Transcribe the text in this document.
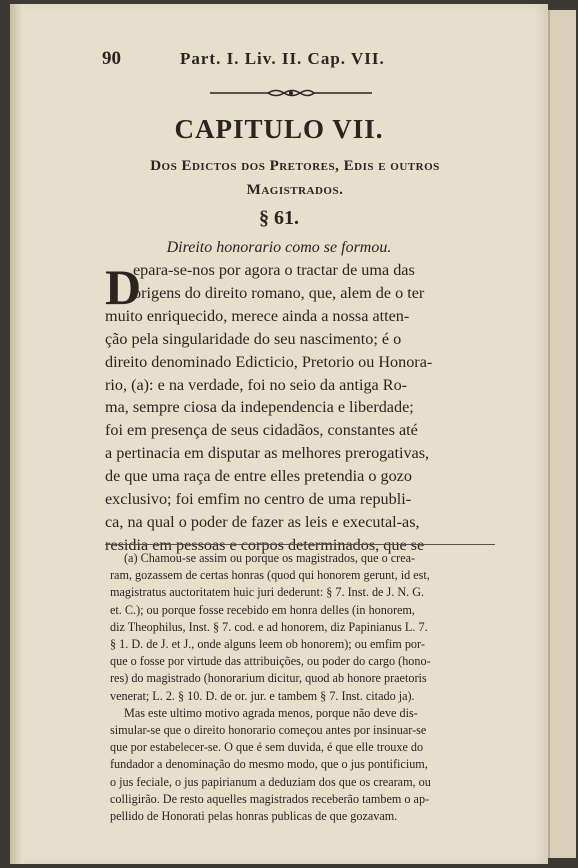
90	Part. I. Liv. II. Cap. VII.
CAPITULO VII.
Dos Edictos dos Pretores, Edis e outros
Magistrados.
§ 61.
Direito honorario como se formou.
D
epara-se-nos por agora o tractar de uma das
origens do direito romano, que, alem de o ter
muito enriquecido, merece ainda a nossa atten-
ção pela singularidade do seu nascimento; é o
direito denominado Edicticio, Pretorio ou Honora-
rio, (a): e na verdade, foi no seio da antiga Ro-
ma, sempre ciosa da independencia e liberdade;
foi em presença de seus cidadãos, constantes até
a pertinacia em disputar as melhores prerogativas,
de que uma raça de entre elles pretendia o gozo
exclusivo; foi emfim no centro de uma republi-
ca, na qual o poder de fazer as leis e executal-as,
residia em pessoas e corpos determinados, que se
(a) Chamou-se assim ou porque os magistrados, que o crea-
ram, gozassem de certas honras (quod qui honorem gerunt, id est,
magistratus auctoritatem huic juri dederunt: § 7. Inst. de J. N. G.
et. C.); ou porque fosse recebido em honra delles (in honorem,
diz Theophilus, Inst. § 7. cod. e ad honorem, diz Papinianus L. 7.
§ 1. D. de J. et J., onde alguns leem ob honorem); ou emfim por-
que o fosse por virtude das attribuições, ou poder do cargo (hono-
res) do magistrado (honorarium dicitur, quod ab honore praetoris
venerat; L. 2. § 10. D. de or. jur. e tambem § 7. Inst. citado ja).
Mas este ultimo motivo agrada menos, porque não deve dis-
simular-se que o direito honorario começou antes por insinuar-se
que por estabelecer-se. O que é sem duvida, é que elle trouxe do
fundador a denominação do mesmo modo, que o jus pontificium,
o jus feciale, o jus papirianum a deduziam dos que os crearam, ou
colligirão. De resto aquelles magistrados receberão tambem o ap-
pellido de Honorati pelas honras publicas de que gozavam.
